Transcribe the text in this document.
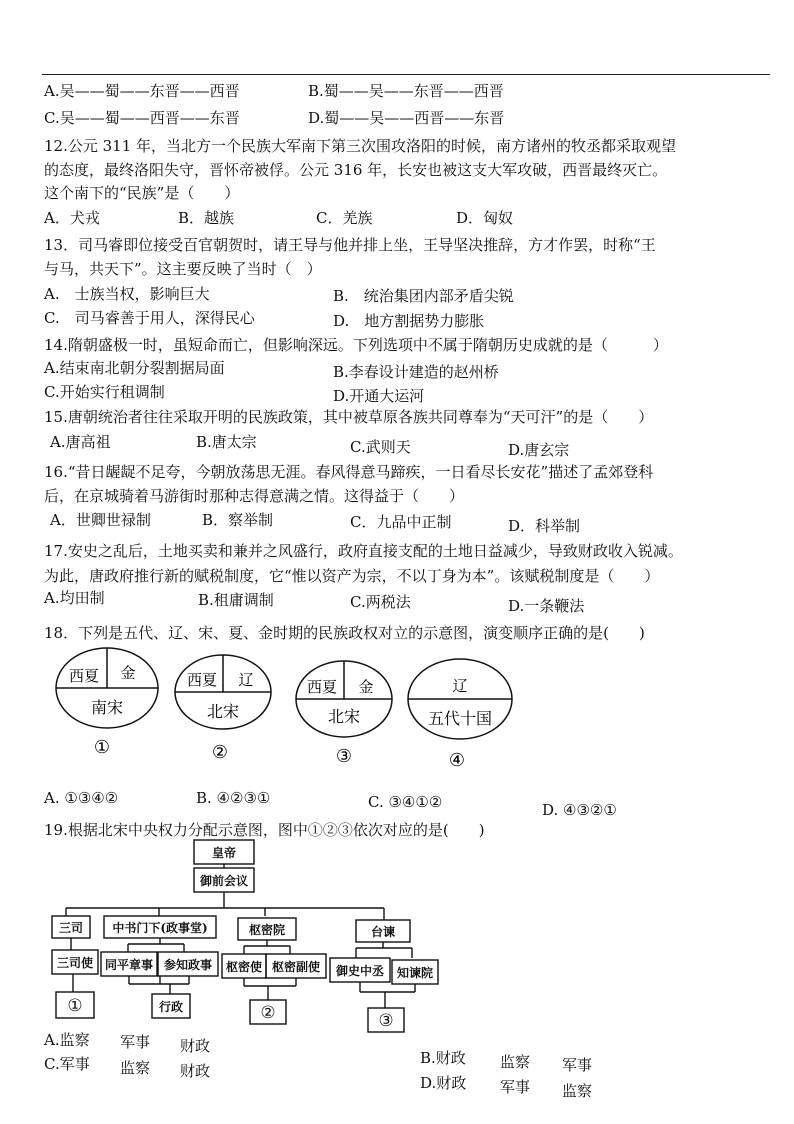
A.吴——蜀——东晋——西晋	B.蜀——吴——东晋——西晋
C.吴——蜀——西晋——东晋	D.蜀——吴——西晋——东晋
12.公元 311 年，当北方一个民族大军南下第三次围攻洛阳的时候，南方诸州的牧丞都采取观望
的态度，最终洛阳失守，晋怀帝被俘。公元 316 年，长安也被这支大军攻破，西晋最终灭亡。
这个南下的“民族”是（　　）
A．犬戎	B．越族	C．羌族	D．匈奴
13．司马睿即位接受百官朝贺时，请王导与他并排上坐，王导坚决推辞，方才作罢，时称“王
与马，共天下”。这主要反映了当时（　）
A.　士族当权，影响巨大	B.　统治集团内部矛盾尖锐
C.　司马睿善于用人，深得民心	D.　地方割据势力膨胀
14.隋朝盛极一时，虽短命而亡，但影响深远。下列选项中不属于隋朝历史成就的是（　　　）
A.结束南北朝分裂割据局面	B.李春设计建造的赵州桥
C.开始实行租调制	D.开通大运河
15.唐朝统治者往往采取开明的民族政策，其中被草原各族共同尊奉为“天可汗”的是（　　）
A.唐高祖	B.唐太宗	C.武则天	D.唐玄宗
16.“昔日龌龊不足夸，今朝放荡思无涯。春风得意马蹄疾，一日看尽长安花”描述了孟郊登科
后，在京城骑着马游街时那种志得意满之情。这得益于（　　）
A．世卿世禄制	B．察举制	C．九品中正制	D．科举制
17.安史之乱后，土地买卖和兼并之风盛行，政府直接支配的土地日益减少，导致财政收入锐减。
为此，唐政府推行新的赋税制度，它“惟以资产为宗，不以丁身为本”。该赋税制度是（　　）
A.均田制	B.租庸调制	C.两税法	D.一条鞭法
18．下列是五代、辽、宋、夏、金时期的民族政权对立的示意图，演变顺序正确的是(　　)
西夏 金
南宋
①
西夏 辽
北宋
②
西夏 金
北宋
③
辽
五代十国
④
A. ①③④②	B. ④②③①	C. ③④①②	D. ④③②①
19.根据北宋中央权力分配示意图，图中①②③依次对应的是(　　)
皇帝
御前会议
三司 中书门下(政事堂)	枢密院	台谏
三司使 同平章事 参知政事 枢密使 枢密副使 御史中丞 知谏院
行政
①	②	③
A.监察 军事 财政
C.军事 监察 财政
B.财政 监察 军事
D.财政 军事 监察
